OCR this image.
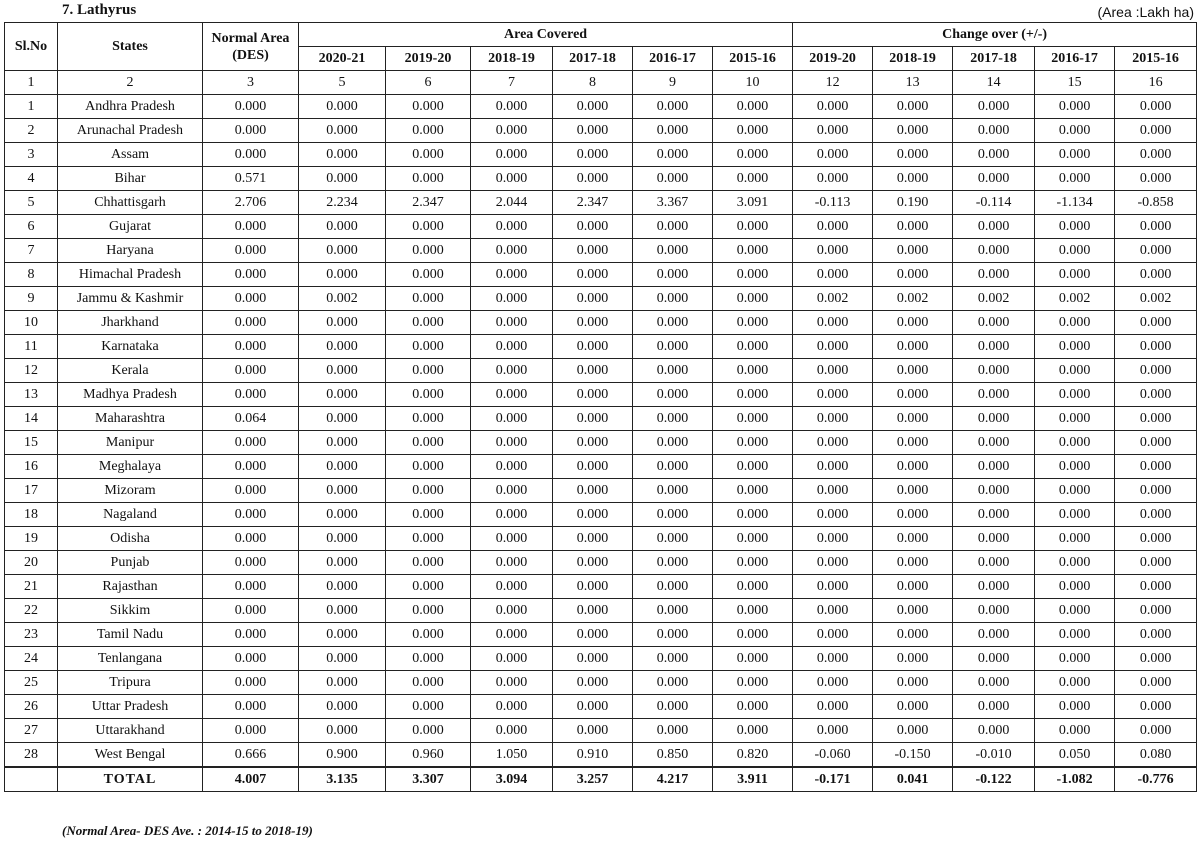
7. Lathyrus	(Area :Lakh ha)
Sl.No	States	Normal Area (DES)	Area Covered						Change over (+/-)				
			2020-21	2019-20	2018-19	2017-18	2016-17	2015-16	2019-20	2018-19	2017-18	2016-17	2015-16
1	2	3	5	6	7	8	9	10	12	13	14	15	16
1	Andhra Pradesh	0.000	0.000	0.000	0.000	0.000	0.000	0.000	0.000	0.000	0.000	0.000	0.000
2	Arunachal Pradesh	0.000	0.000	0.000	0.000	0.000	0.000	0.000	0.000	0.000	0.000	0.000	0.000
3	Assam	0.000	0.000	0.000	0.000	0.000	0.000	0.000	0.000	0.000	0.000	0.000	0.000
4	Bihar	0.571	0.000	0.000	0.000	0.000	0.000	0.000	0.000	0.000	0.000	0.000	0.000
5	Chhattisgarh	2.706	2.234	2.347	2.044	2.347	3.367	3.091	-0.113	0.190	-0.114	-1.134	-0.858
6	Gujarat	0.000	0.000	0.000	0.000	0.000	0.000	0.000	0.000	0.000	0.000	0.000	0.000
7	Haryana	0.000	0.000	0.000	0.000	0.000	0.000	0.000	0.000	0.000	0.000	0.000	0.000
8	Himachal Pradesh	0.000	0.000	0.000	0.000	0.000	0.000	0.000	0.000	0.000	0.000	0.000	0.000
9	Jammu & Kashmir	0.000	0.002	0.000	0.000	0.000	0.000	0.000	0.002	0.002	0.002	0.002	0.002
10	Jharkhand	0.000	0.000	0.000	0.000	0.000	0.000	0.000	0.000	0.000	0.000	0.000	0.000
11	Karnataka	0.000	0.000	0.000	0.000	0.000	0.000	0.000	0.000	0.000	0.000	0.000	0.000
12	Kerala	0.000	0.000	0.000	0.000	0.000	0.000	0.000	0.000	0.000	0.000	0.000	0.000
13	Madhya Pradesh	0.000	0.000	0.000	0.000	0.000	0.000	0.000	0.000	0.000	0.000	0.000	0.000
14	Maharashtra	0.064	0.000	0.000	0.000	0.000	0.000	0.000	0.000	0.000	0.000	0.000	0.000
15	Manipur	0.000	0.000	0.000	0.000	0.000	0.000	0.000	0.000	0.000	0.000	0.000	0.000
16	Meghalaya	0.000	0.000	0.000	0.000	0.000	0.000	0.000	0.000	0.000	0.000	0.000	0.000
17	Mizoram	0.000	0.000	0.000	0.000	0.000	0.000	0.000	0.000	0.000	0.000	0.000	0.000
18	Nagaland	0.000	0.000	0.000	0.000	0.000	0.000	0.000	0.000	0.000	0.000	0.000	0.000
19	Odisha	0.000	0.000	0.000	0.000	0.000	0.000	0.000	0.000	0.000	0.000	0.000	0.000
20	Punjab	0.000	0.000	0.000	0.000	0.000	0.000	0.000	0.000	0.000	0.000	0.000	0.000
21	Rajasthan	0.000	0.000	0.000	0.000	0.000	0.000	0.000	0.000	0.000	0.000	0.000	0.000
22	Sikkim	0.000	0.000	0.000	0.000	0.000	0.000	0.000	0.000	0.000	0.000	0.000	0.000
23	Tamil Nadu	0.000	0.000	0.000	0.000	0.000	0.000	0.000	0.000	0.000	0.000	0.000	0.000
24	Tenlangana	0.000	0.000	0.000	0.000	0.000	0.000	0.000	0.000	0.000	0.000	0.000	0.000
25	Tripura	0.000	0.000	0.000	0.000	0.000	0.000	0.000	0.000	0.000	0.000	0.000	0.000
26	Uttar Pradesh	0.000	0.000	0.000	0.000	0.000	0.000	0.000	0.000	0.000	0.000	0.000	0.000
27	Uttarakhand	0.000	0.000	0.000	0.000	0.000	0.000	0.000	0.000	0.000	0.000	0.000	0.000
28	West Bengal	0.666	0.900	0.960	1.050	0.910	0.850	0.820	-0.060	-0.150	-0.010	0.050	0.080
	TOTAL	4.007	3.135	3.307	3.094	3.257	4.217	3.911	-0.171	0.041	-0.122	-1.082	-0.776
(Normal Area- DES Ave. : 2014-15 to 2018-19)
